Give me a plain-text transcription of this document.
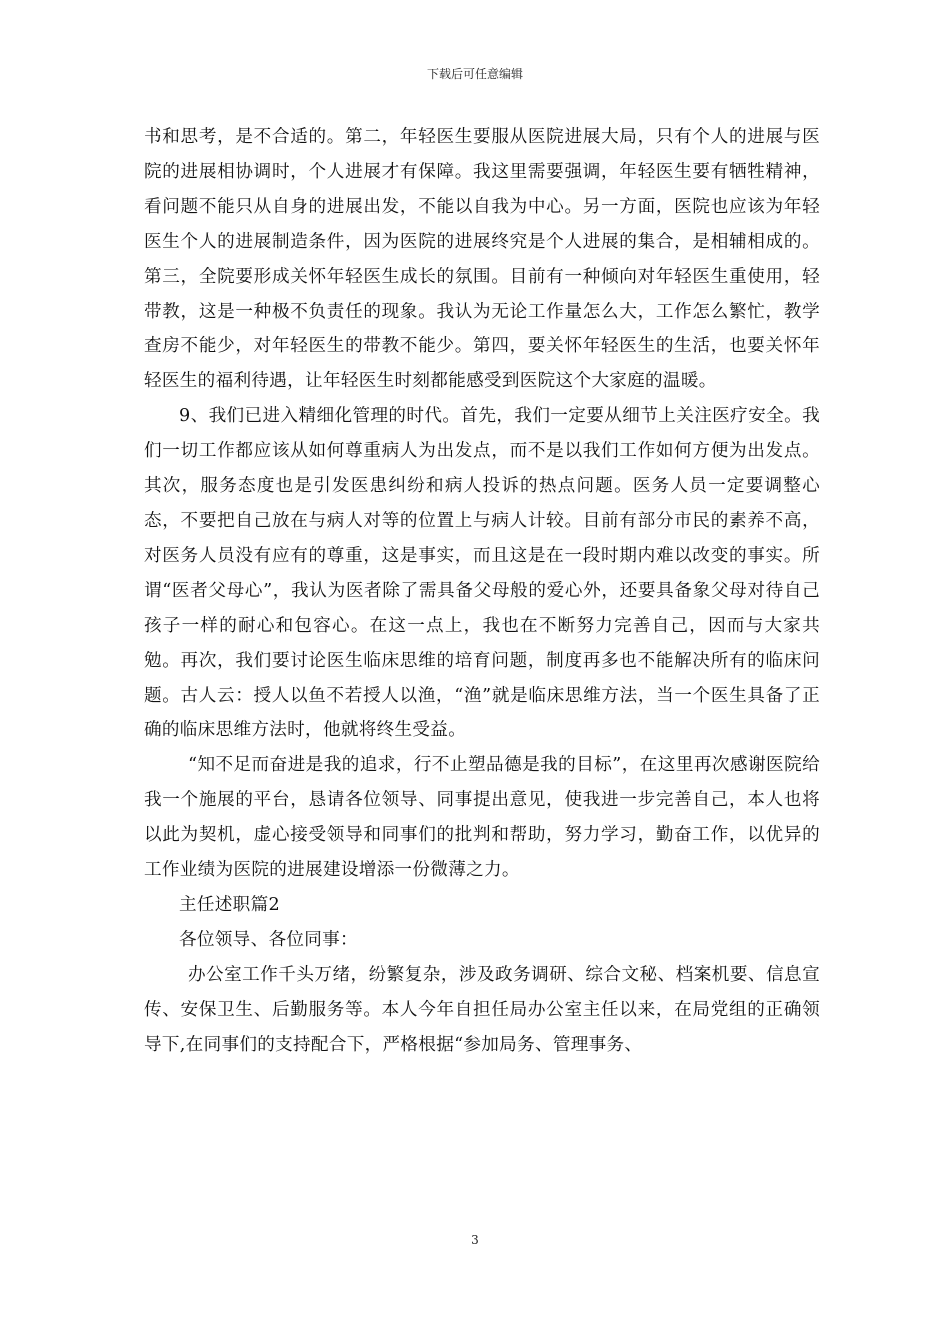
下载后可任意编辑

书和思考，是不合适的。第二，年轻医生要服从医院进展大局，只有个人的进展与医院的进展相协调时，个人进展才有保障。我这里需要强调，年轻医生要有牺牲精神，看问题不能只从自身的进展出发，不能以自我为中心。另一方面，医院也应该为年轻医生个人的进展制造条件，因为医院的进展终究是个人进展的集合，是相辅相成的。第三，全院要形成关怀年轻医生成长的氛围。目前有一种倾向对年轻医生重使用，轻带教，这是一种极不负责任的现象。我认为无论工作量怎么大，工作怎么繁忙，教学查房不能少，对年轻医生的带教不能少。第四，要关怀年轻医生的生活，也要关怀年轻医生的福利待遇，让年轻医生时刻都能感受到医院这个大家庭的温暖。

9、我们已进入精细化管理的时代。首先，我们一定要从细节上关注医疗安全。我们一切工作都应该从如何尊重病人为出发点，而不是以我们工作如何方便为出发点。其次，服务态度也是引发医患纠纷和病人投诉的热点问题。医务人员一定要调整心态，不要把自己放在与病人对等的位置上与病人计较。目前有部分市民的素养不高，对医务人员没有应有的尊重，这是事实，而且这是在一段时期内难以改变的事实。所谓“医者父母心”，我认为医者除了需具备父母般的爱心外，还要具备象父母对待自己孩子一样的耐心和包容心。在这一点上，我也在不断努力完善自己，因而与大家共勉。再次，我们要讨论医生临床思维的培育问题，制度再多也不能解决所有的临床问题。古人云：授人以鱼不若授人以渔，“渔”就是临床思维方法，当一个医生具备了正确的临床思维方法时，他就将终生受益。

“知不足而奋进是我的追求，行不止塑品德是我的目标”，在这里再次感谢医院给我一个施展的平台，恳请各位领导、同事提出意见，使我进一步完善自己，本人也将以此为契机，虚心接受领导和同事们的批判和帮助，努力学习，勤奋工作，以优异的工作业绩为医院的进展建设增添一份微薄之力。

主任述职篇2

各位领导、各位同事：

办公室工作千头万绪，纷繁复杂，涉及政务调研、综合文秘、档案机要、信息宣传、安保卫生、后勤服务等。本人今年自担任局办公室主任以来，在局党组的正确领导下,在同事们的支持配合下，严格根据“参加局务、管理事务、

3
